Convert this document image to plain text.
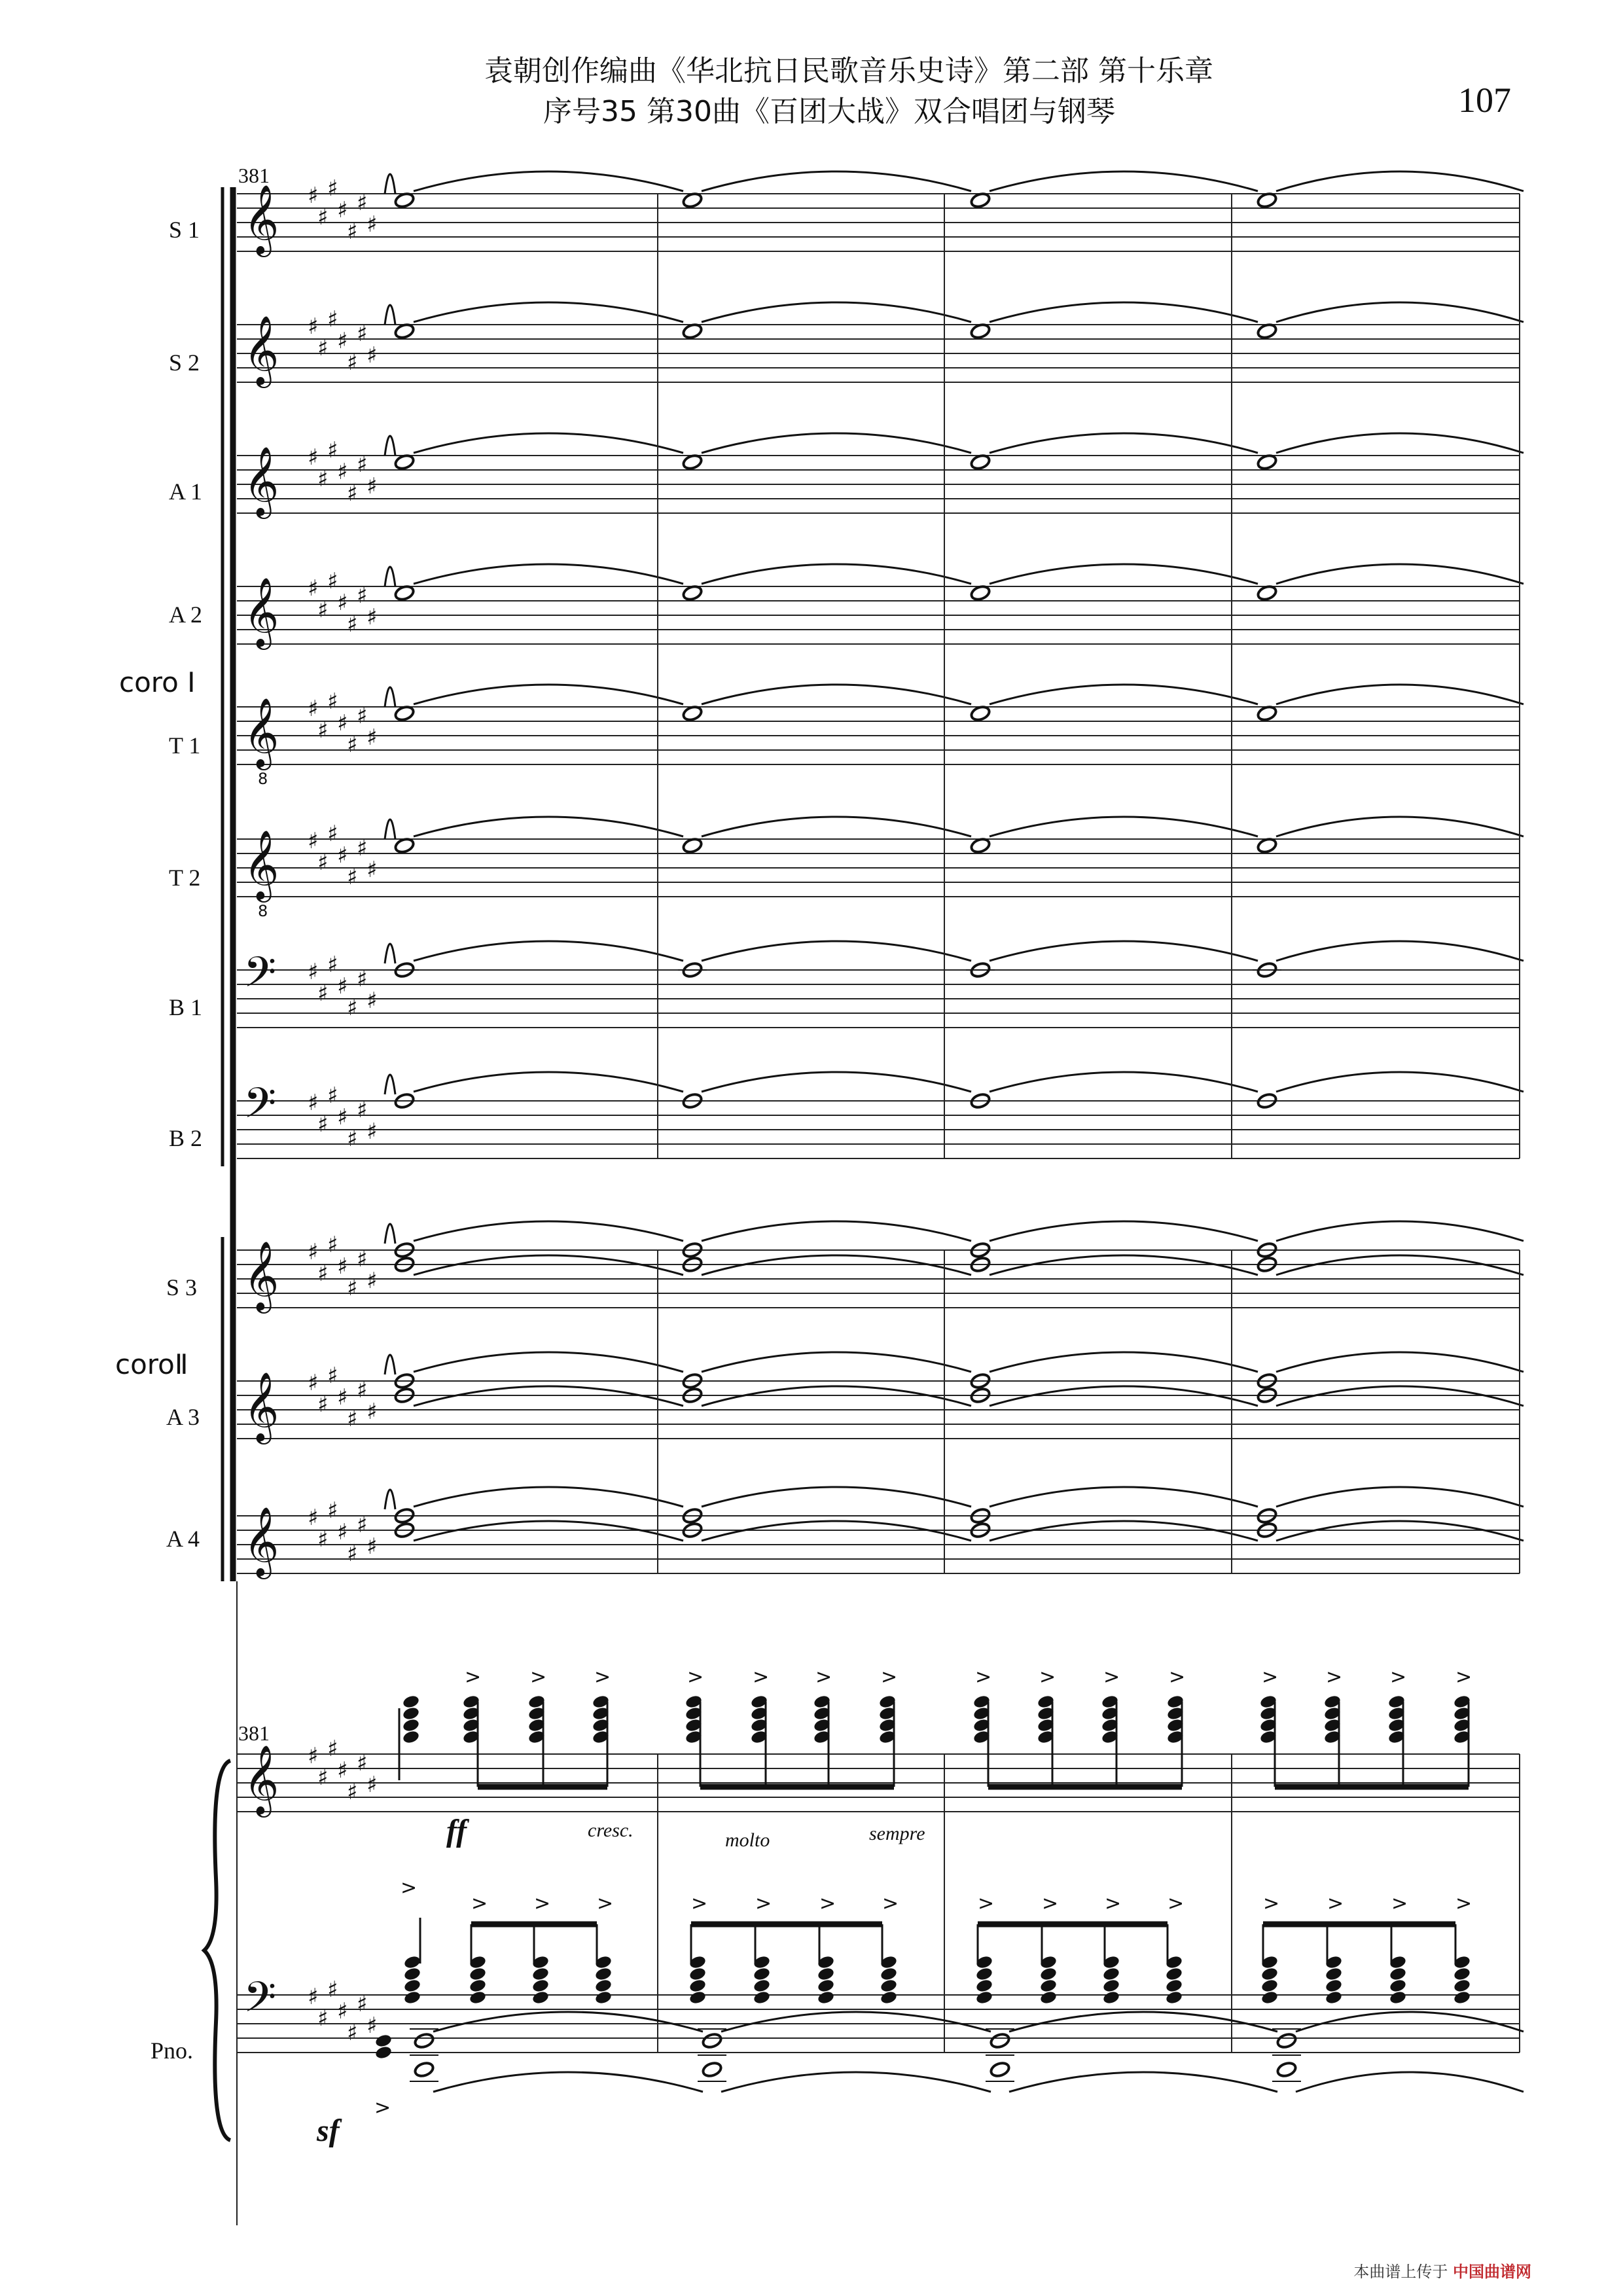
袁朝创作编曲《华北抗日民歌音乐史诗》第二部 第十乐章
序号35 第30曲《百团大战》双合唱团与钢琴	107
381
381
coro Ⅰ
coroⅡ
S 1
S 2
A 1
A 2
T 1
T 2
B 1
B 2
S 3
A 3
A 4
Pno.
ff
sf
cresc.	molto	sempre
𝄞 ♯
♯
♯
♯
♯
♯
♯
𝄞 ♯
♯
♯
♯
♯
♯
♯
𝄞 ♯
♯
♯
♯
♯
♯
♯
𝄞 ♯
♯
♯
♯
♯
♯
♯
𝄞
8
♯
♯
♯
♯
♯
♯
♯
𝄞
8
♯
♯
♯
♯
♯
♯
♯
𝄢 ♯
♯
♯
♯
♯
♯
♯
𝄢 ♯
♯
♯
♯
♯
♯
♯
𝄞 ♯
♯
♯
♯
♯
♯
♯
𝄞 ♯
♯
♯
♯
♯
♯
♯
𝄞 ♯
♯
♯
♯
♯
♯
♯
𝄞
𝄢
♯
♯
♯
♯
♯
♯
♯
♯
♯
♯
♯
♯
♯
♯
> > >	> > > >	> > > >	> > > >
> > >	> > > >	> > > >	> > > >
>
>
本曲谱上传于 中国曲谱网
